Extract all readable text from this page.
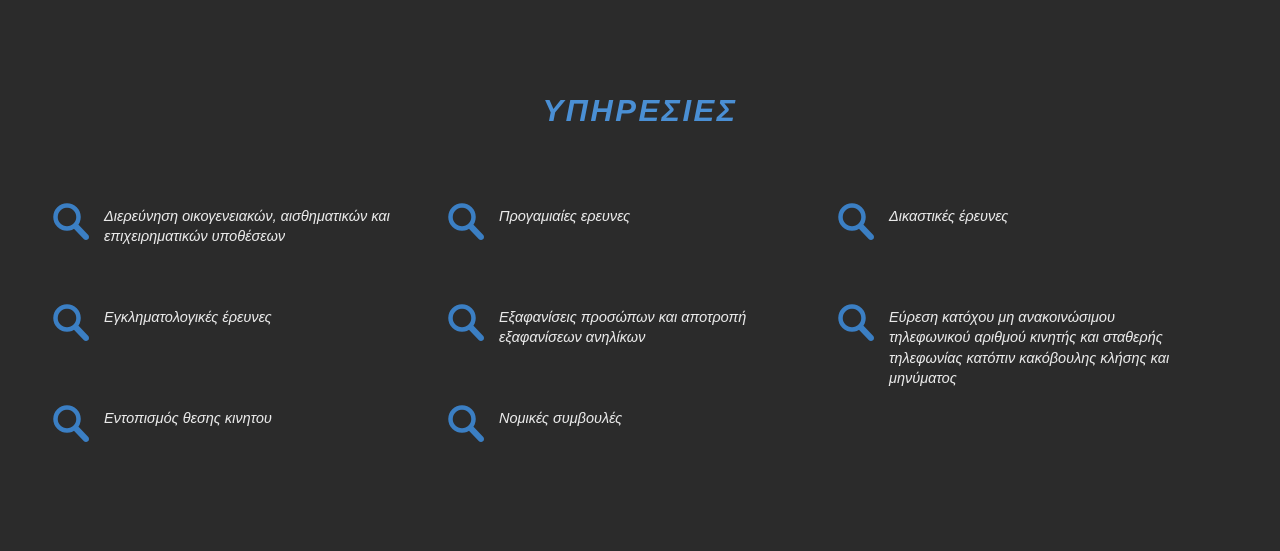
ΥΠΗΡΕΣΙΕΣ
Διερεύνηση οικογενειακών, αισθηματικών και επιχειρηματικών υποθέσεων
Εγκληματολογικές έρευνες
Εντοπισμός θεσης κινητου
Προγαμιαίες ερευνες
Εξαφανίσεις προσώπων και αποτροπή εξαφανίσεων ανηλίκων
Νομικές συμβουλές
Δικαστικές έρευνες
Εύρεση κατόχου μη ανακοινώσιμου τηλεφωνικού αριθμού κινητής και σταθερής τηλεφωνίας κατόπιν κακόβουλης κλήσης και μηνύματος
